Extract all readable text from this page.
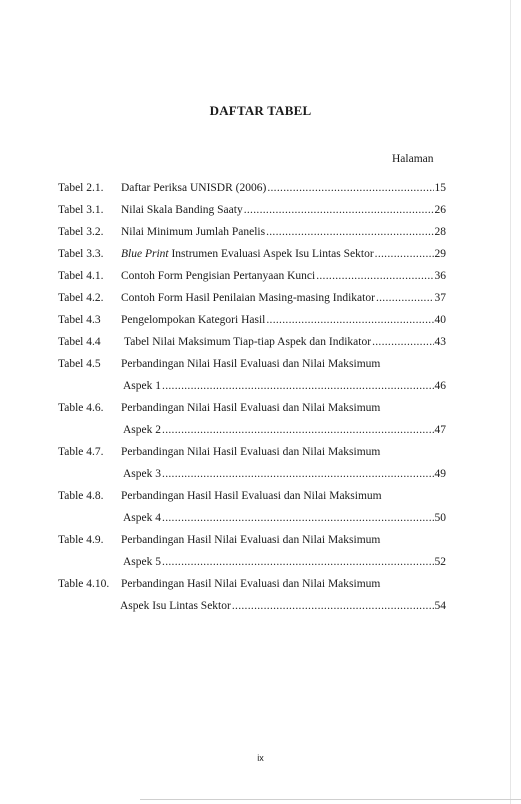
DAFTAR TABEL
Halaman
Tabel 2.1. Daftar Periksa UNISDR (2006) .....	15
Tabel 3.1. Nilai Skala Banding Saaty .....	26
Tabel 3.2. Nilai Minimum Jumlah Panelis .....	28
Tabel 3.3. Blue Print Instrumen Evaluasi Aspek Isu Lintas Sektor .....	29
Tabel 4.1. Contoh Form Pengisian Pertanyaan Kunci .....	36
Tabel 4.2. Contoh Form Hasil Penilaian Masing-masing Indikator .....	37
Tabel 4.3 Pengelompokan Kategori Hasil .....	40
Tabel 4.4 Tabel Nilai Maksimum Tiap-tiap Aspek dan Indikator .....	43
Tabel 4.5 Perbandingan Nilai Hasil Evaluasi dan Nilai Maksimum
Aspek 1 .....	46
Table 4.6. Perbandingan Nilai Hasil Evaluasi dan Nilai Maksimum
Aspek 2 .....	47
Table 4.7. Perbandingan Nilai Hasil Evaluasi dan Nilai Maksimum
Aspek 3 .....	49
Table 4.8. Perbandingan Hasil Hasil Evaluasi dan Nilai Maksimum
Aspek 4 .....	50
Table 4.9. Perbandingan Hasil Nilai Evaluasi dan Nilai Maksimum
Aspek 5 .....	52
Table 4.10. Perbandingan Hasil Nilai Evaluasi dan Nilai Maksimum
Aspek Isu Lintas Sektor .....	54
ix
